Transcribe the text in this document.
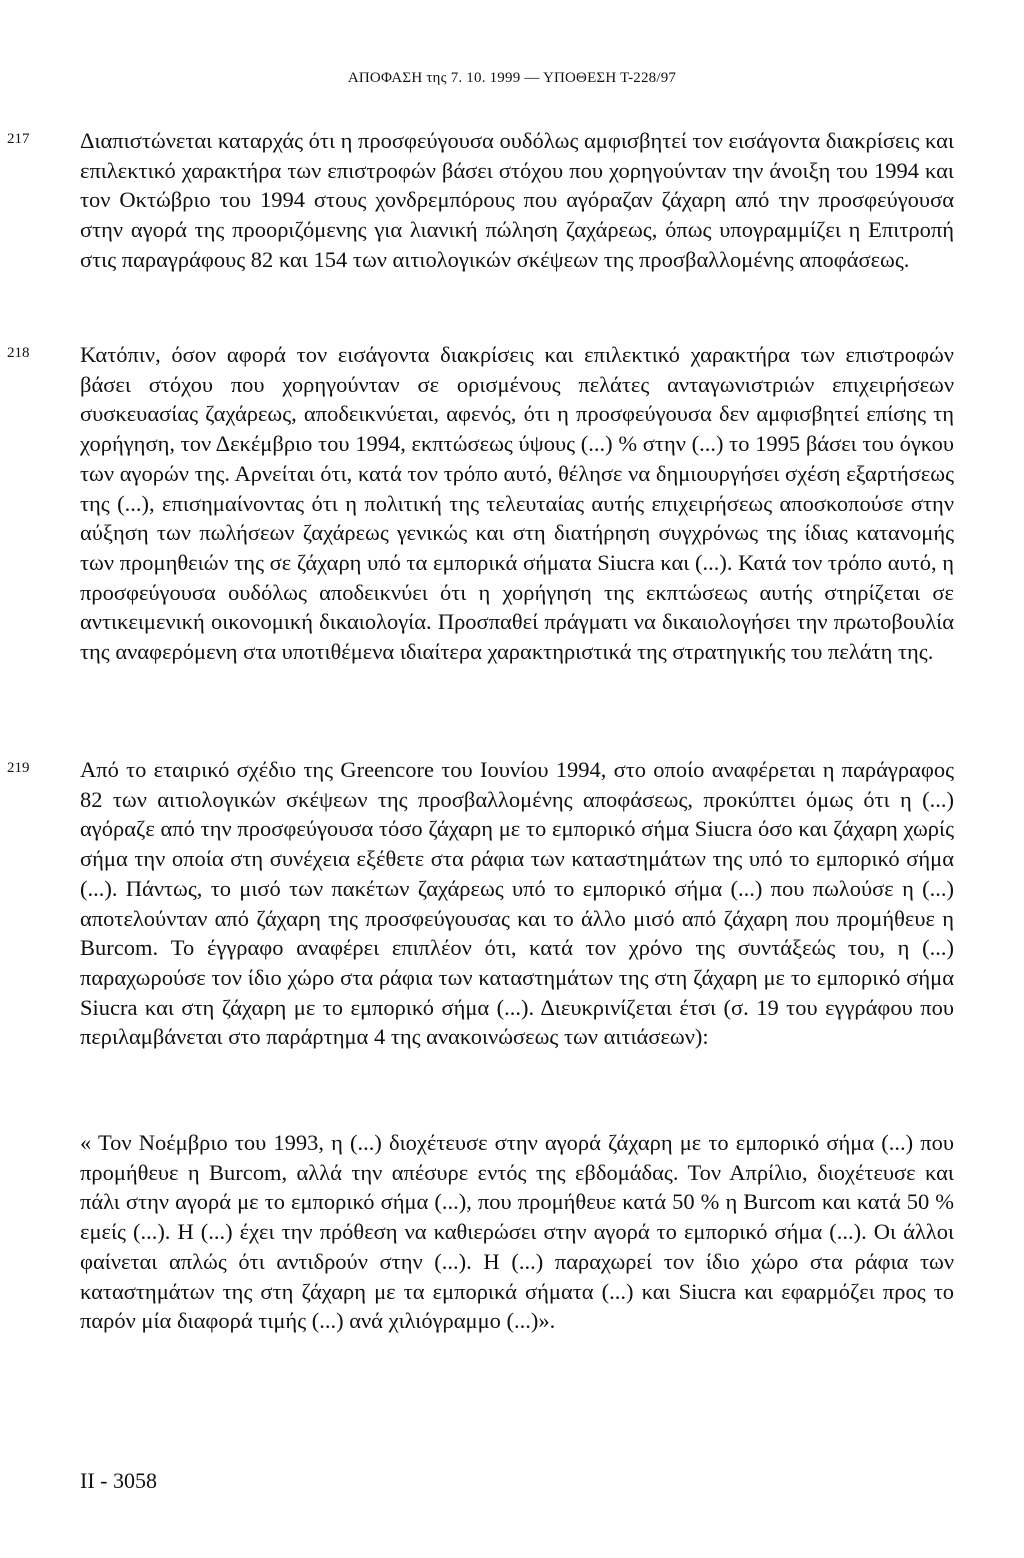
ΑΠΟΦΑΣΗ της 7. 10. 1999 — ΥΠΟΘΕΣΗ Τ-228/97
217 Διαπιστώνεται καταρχάς ότι η προσφεύγουσα ουδόλως αμφισβητεί τον εισάγοντα διακρίσεις και επιλεκτικό χαρακτήρα των επιστροφών βάσει στόχου που χορηγούνταν την άνοιξη του 1994 και τον Οκτώβριο του 1994 στους χονδρεμπόρους που αγόραζαν ζάχαρη από την προσφεύγουσα στην αγορά της προοριζόμενης για λιανική πώληση ζαχάρεως, όπως υπογραμμίζει η Επιτροπή στις παραγράφους 82 και 154 των αιτιολογικών σκέψεων της προσβαλλομένης αποφάσεως.

218 Κατόπιν, όσον αφορά τον εισάγοντα διακρίσεις και επιλεκτικό χαρακτήρα των επιστροφών βάσει στόχου που χορηγούνταν σε ορισμένους πελάτες ανταγωνιστριών επιχειρήσεων συσκευασίας ζαχάρεως, αποδεικνύεται, αφενός, ότι η προσφεύγουσα δεν αμφισβητεί επίσης τη χορήγηση, τον Δεκέμβριο του 1994, εκπτώσεως ύψους (...) % στην (...) το 1995 βάσει του όγκου των αγορών της. Αρνείται ότι, κατά τον τρόπο αυτό, θέλησε να δημιουργήσει σχέση εξαρτήσεως της (...), επισημαίνοντας ότι η πολιτική της τελευταίας αυτής επιχειρήσεως αποσκοπούσε στην αύξηση των πωλήσεων ζαχάρεως γενικώς και στη διατήρηση συγχρόνως της ίδιας κατανομής των προμηθειών της σε ζάχαρη υπό τα εμπορικά σήματα Siucra και (...). Κατά τον τρόπο αυτό, η προσφεύγουσα ουδόλως αποδεικνύει ότι η χορήγηση της εκπτώσεως αυτής στηρίζεται σε αντικειμενική οικονομική δικαιολογία. Προσπαθεί πράγματι να δικαιολογήσει την πρωτοβουλία της αναφερόμενη στα υποτιθέμενα ιδιαίτερα χαρακτηριστικά της στρατηγικής του πελάτη της.

219 Από το εταιρικό σχέδιο της Greencore του Ιουνίου 1994, στο οποίο αναφέρεται η παράγραφος 82 των αιτιολογικών σκέψεων της προσβαλλομένης αποφάσεως, προκύπτει όμως ότι η (...) αγόραζε από την προσφεύγουσα τόσο ζάχαρη με το εμπορικό σήμα Siucra όσο και ζάχαρη χωρίς σήμα την οποία στη συνέχεια εξέθετε στα ράφια των καταστημάτων της υπό το εμπορικό σήμα (...). Πάντως, το μισό των πακέτων ζαχάρεως υπό το εμπορικό σήμα (...) που πωλούσε η (...) αποτελούνταν από ζάχαρη της προσφεύγουσας και το άλλο μισό από ζάχαρη που προμήθευε η Burcom. Το έγγραφο αναφέρει επιπλέον ότι, κατά τον χρόνο της συντάξεώς του, η (...) παραχωρούσε τον ίδιο χώρο στα ράφια των καταστημάτων της στη ζάχαρη με το εμπορικό σήμα Siucra και στη ζάχαρη με το εμπορικό σήμα (...). Διευκρινίζεται έτσι (σ. 19 του εγγράφου που περιλαμβάνεται στο παράρτημα 4 της ανακοινώσεως των αιτιάσεων):

« Τον Νοέμβριο του 1993, η (...) διοχέτευσε στην αγορά ζάχαρη με το εμπορικό σήμα (...) που προμήθευε η Burcom, αλλά την απέσυρε εντός της εβδομάδας. Τον Απρίλιο, διοχέτευσε και πάλι στην αγορά με το εμπορικό σήμα (...), που προμήθευε κατά 50 % η Burcom και κατά 50 % εμείς (...). Η (...) έχει την πρόθεση να καθιερώσει στην αγορά το εμπορικό σήμα (...). Οι άλλοι φαίνεται απλώς ότι αντιδρούν στην (...). Η (...) παραχωρεί τον ίδιο χώρο στα ράφια των καταστημάτων της στη ζάχαρη με τα εμπορικά σήματα (...) και Siucra και εφαρμόζει προς το παρόν μία διαφορά τιμής (...) ανά χιλιόγραμμο (...)».

II - 3058
